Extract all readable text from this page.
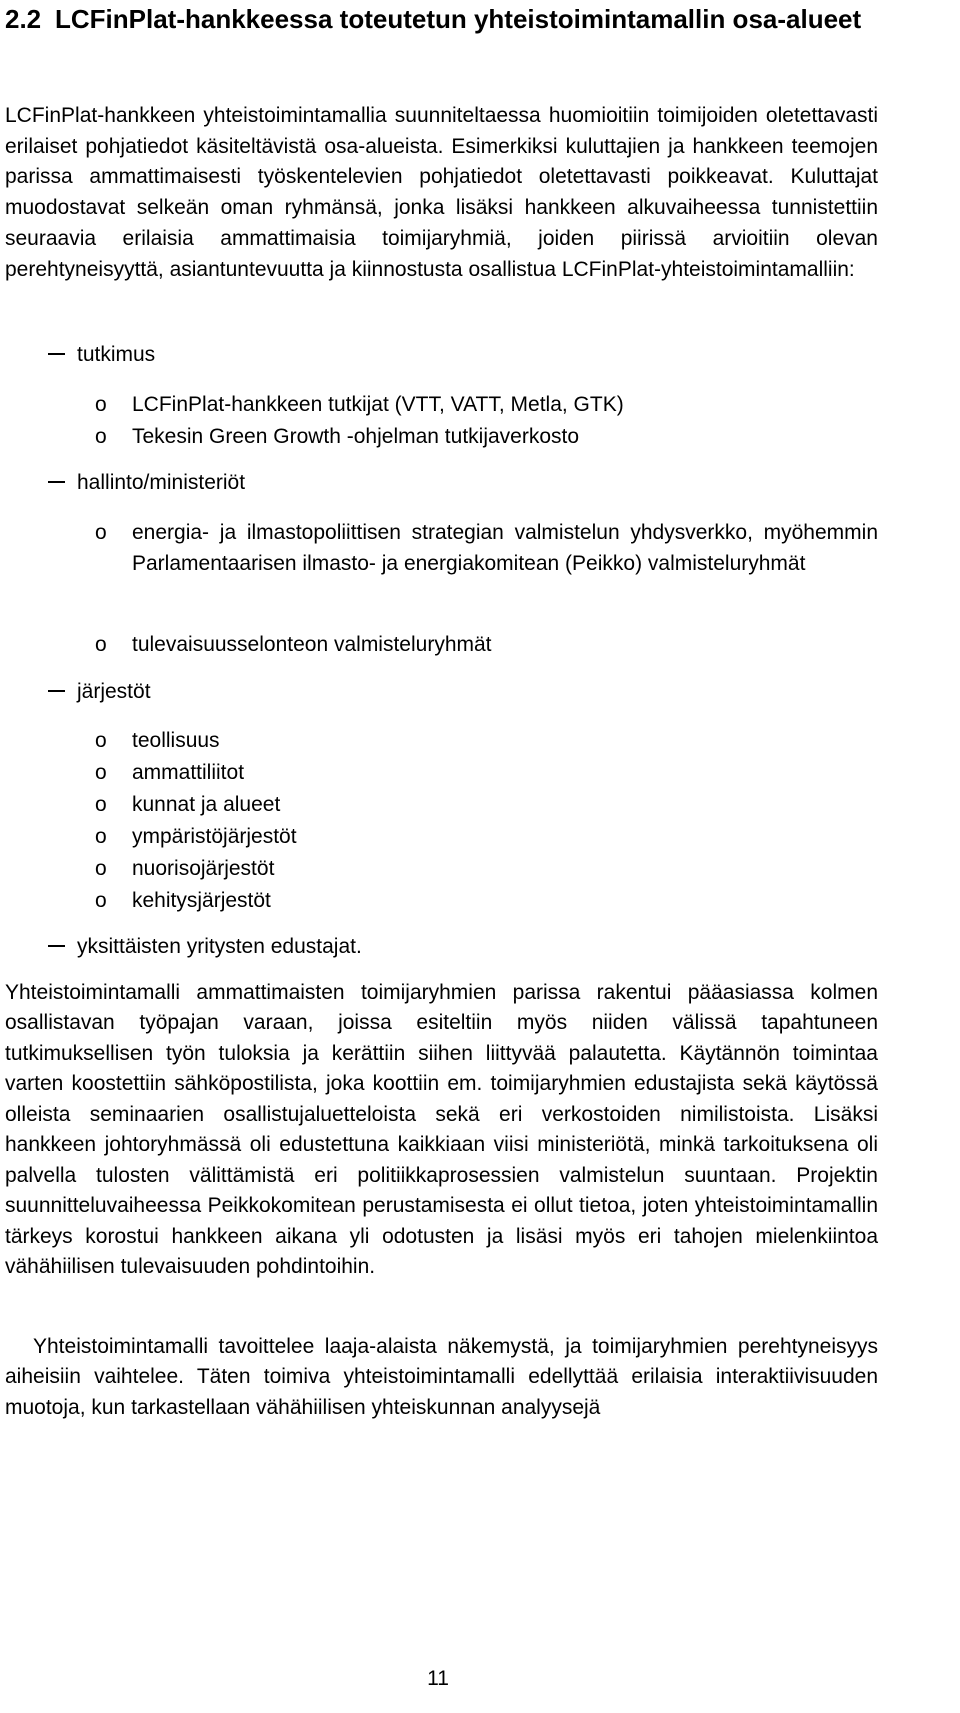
2.2 LCFinPlat-hankkeessa toteutetun yhteistoimintamallin osa-alueet

LCFinPlat-hankkeen yhteistoimintamallia suunniteltaessa huomioitiin toimijoiden oletettavasti erilaiset pohjatiedot käsiteltävistä osa-alueista. Esimerkiksi kuluttajien ja hankkeen teemojen parissa ammattimaisesti työskentelevien pohjatiedot oletettavasti poikkeavat. Kuluttajat muodostavat selkeän oman ryhmänsä, jonka lisäksi hankkeen alkuvaiheessa tunnistettiin seuraavia erilaisia ammattimaisia toimijaryhmiä, joiden piirissä arvioitiin olevan perehtyneisyyttä, asiantuntevuutta ja kiinnostusta osallistua LCFinPlat-yhteistoimintamalliin:

tutkimus
o	LCFinPlat-hankkeen tutkijat (VTT, VATT, Metla, GTK)
o	Tekesin Green Growth -ohjelman tutkijaverkosto
hallinto/ministeriöt
o	energia- ja ilmastopoliittisen strategian valmistelun yhdysverkko, myöhemmin Parlamentaarisen ilmasto- ja energiakomitean (Peikko) valmisteluryhmät
o	tulevaisuusselonteon valmisteluryhmät
järjestöt
o	teollisuus
o	ammattiliitot
o	kunnat ja alueet
o	ympäristöjärjestöt
o	nuorisojärjestöt
o	kehitysjärjestöt
yksittäisten yritysten edustajat.

Yhteistoimintamalli ammattimaisten toimijaryhmien parissa rakentui pääasiassa kolmen osallistavan työpajan varaan, joissa esiteltiin myös niiden välissä tapahtuneen tutkimuksellisen työn tuloksia ja kerättiin siihen liittyvää palautetta. Käytännön toimintaa varten koostettiin sähköpostilista, joka koottiin em. toimijaryhmien edustajista sekä käytössä olleista seminaarien osallistujaluetteloista sekä eri verkostoiden nimilistoista. Lisäksi hankkeen johtoryhmässä oli edustettuna kaikkiaan viisi ministeriötä, minkä tarkoituksena oli palvella tulosten välittämistä eri politiikkaprosessien valmistelun suuntaan. Projektin suunnitteluvaiheessa Peikkokomitean perustamisesta ei ollut tietoa, joten yhteistoimintamallin tärkeys korostui hankkeen aikana yli odotusten ja lisäsi myös eri tahojen mielenkiintoa vähähiilisen tulevaisuuden pohdintoihin.

Yhteistoimintamalli tavoittelee laaja-alaista näkemystä, ja toimijaryhmien perehtyneisyys aiheisiin vaihtelee. Täten toimiva yhteistoimintamalli edellyttää erilaisia interaktiivisuuden muotoja, kun tarkastellaan vähähiilisen yhteiskunnan analyysejä

11
